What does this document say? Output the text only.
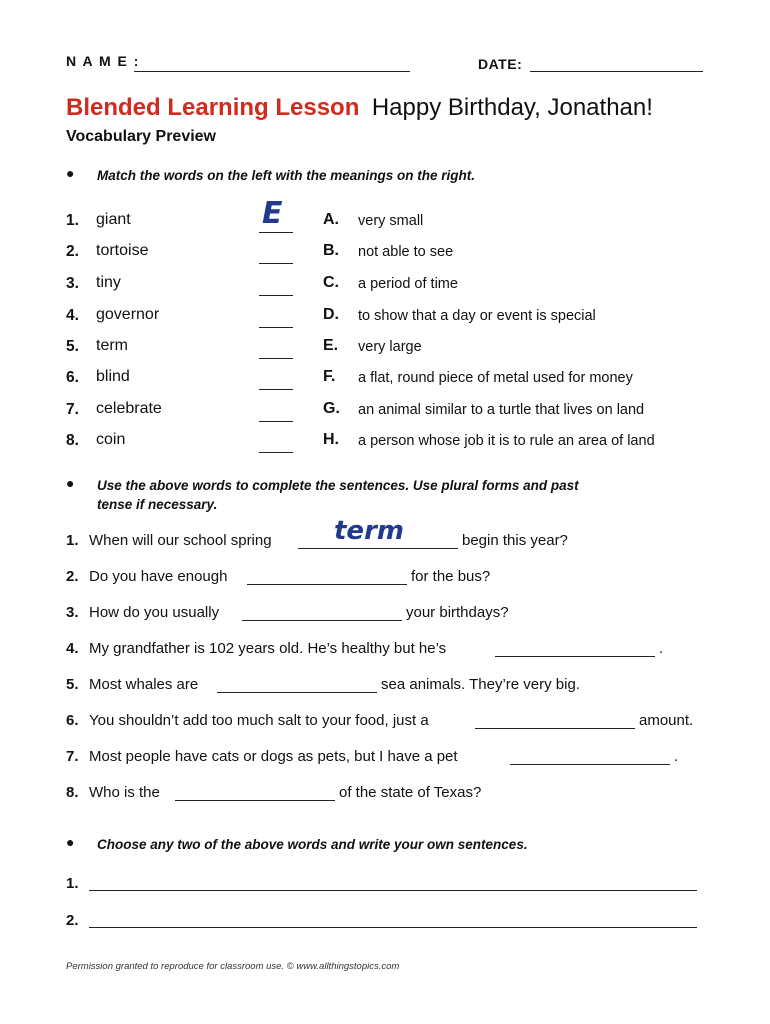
N A M E :	DATE:
Blended Learning Lesson Happy Birthday, Jonathan!
Vocabulary Preview
● Match the words on the left with the meanings on the right.
1. giant	A. very small
2. tortoise	B. not able to see
3. tiny	C. a period of time
4. governor	D. to show that a day or event is special
5. term	E. very large
6. blind	F. a flat, round piece of metal used for money
7. celebrate	G. an animal similar to a turtle that lives on land
8. coin	H. a person whose job it is to rule an area of land
E
● Use the above words to complete the sentences. Use plural forms and past
tense if necessary.
1. When will our school spring	begin this year?
2. Do you have enough	for the bus?
3. How do you usually	your birthdays?
4. My grandfather is 102 years old. He’s healthy but he’s	.
5. Most whales are	sea animals. They’re very big.
6. You shouldn’t add too much salt to your food, just a	amount.
7. Most people have cats or dogs as pets, but I have a pet	.
8. Who is the	of the state of Texas?
term
● Choose any two of the above words and write your own sentences.
1.
2.
Permission granted to reproduce for classroom use. © www.allthingstopics.com
